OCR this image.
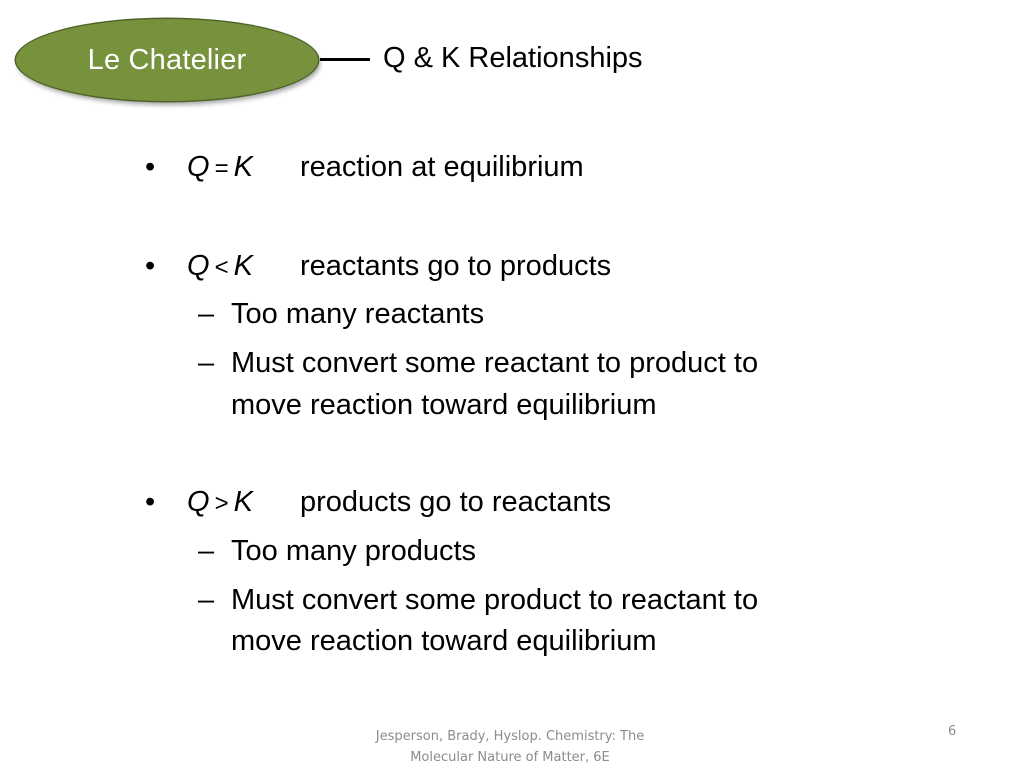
Le Chatelier	Q & K Relationships
• Q = K reaction at equilibrium
• Q < K reactants go to products
– Too many reactants
– Must convert some reactant to product to
move reaction toward equilibrium
• Q > K products go to reactants
– Too many products
– Must convert some product to reactant to
move reaction toward equilibrium
Jesperson, Brady, Hyslop. Chemistry: The
Molecular Nature of Matter, 6E
6
